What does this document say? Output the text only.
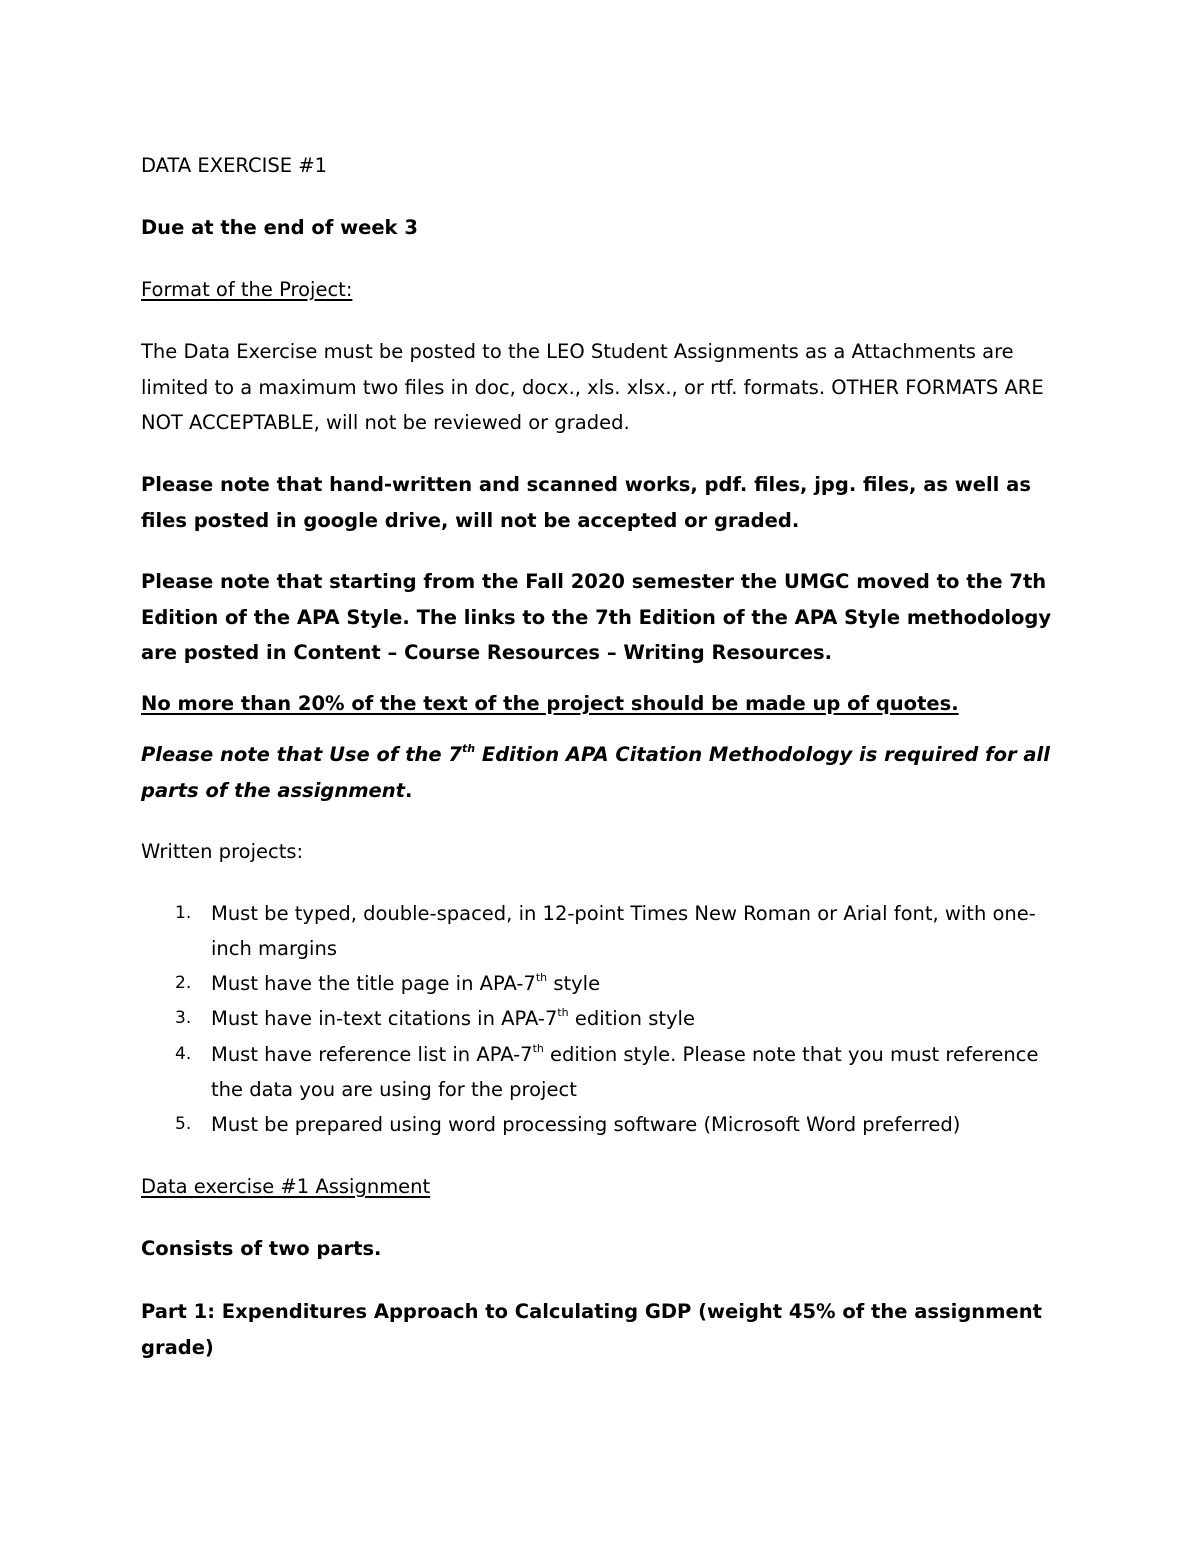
DATA EXERCISE #1
Due at the end of week 3
Format of the Project:
The Data Exercise must be posted to the LEO Student Assignments as a Attachments are limited to a maximum two files in doc, docx., xls. xlsx., or rtf. formats. OTHER FORMATS ARE NOT ACCEPTABLE, will not be reviewed or graded.
Please note that hand-written and scanned works, pdf. files, jpg. files, as well as files posted in google drive, will not be accepted or graded.
Please note that starting from the Fall 2020 semester the UMGC moved to the 7th Edition of the APA Style. The links to the 7th Edition of the APA Style methodology are posted in Content – Course Resources – Writing Resources.
No more than 20% of the text of the project should be made up of quotes.
Please note that Use of the 7th Edition APA Citation Methodology is required for all parts of the assignment.
Written projects:
1. Must be typed, double-spaced, in 12-point Times New Roman or Arial font, with one-inch margins
2. Must have the title page in APA-7th style
3. Must have in-text citations in APA-7th edition style
4. Must have reference list in APA-7th edition style. Please note that you must reference the data you are using for the project
5. Must be prepared using word processing software (Microsoft Word preferred)
Data exercise #1 Assignment
Consists of two parts.
Part 1: Expenditures Approach to Calculating GDP (weight 45% of the assignment grade)
